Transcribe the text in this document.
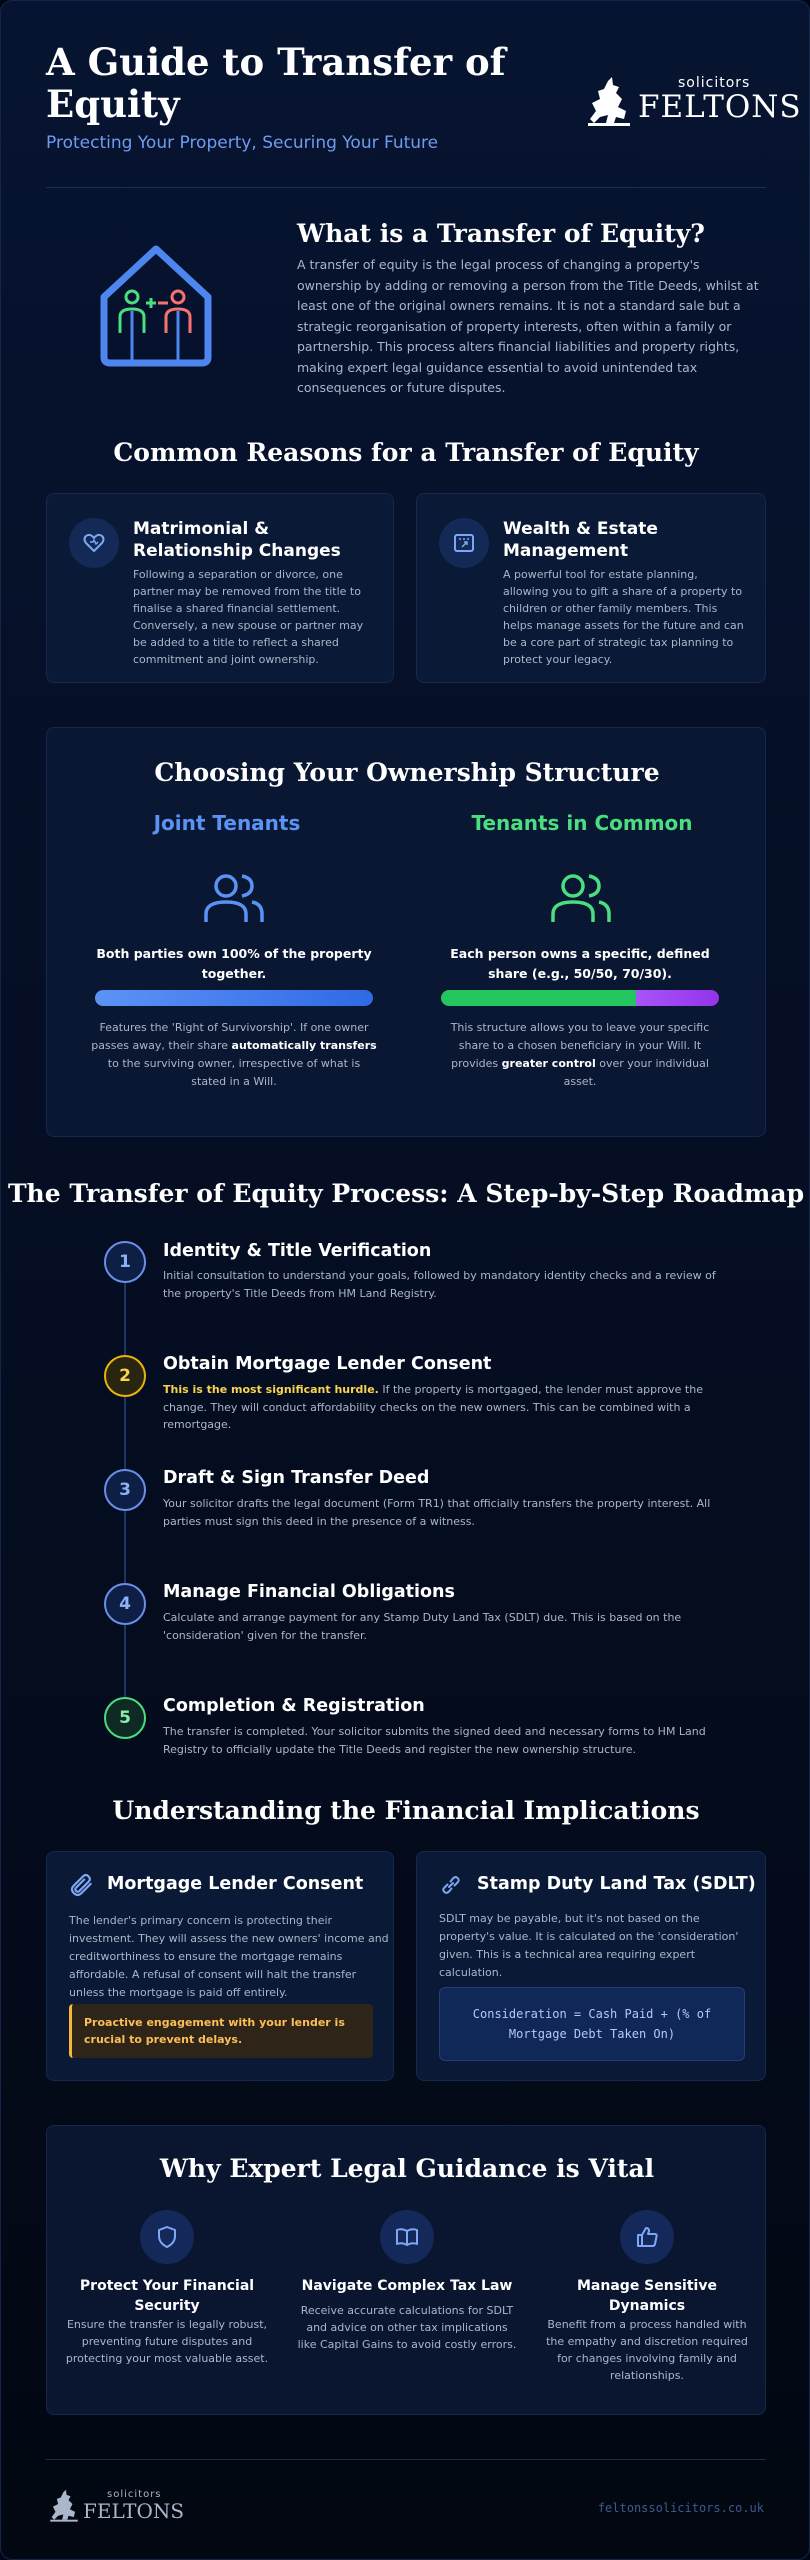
A Guide to Transfer of Equity
Protecting Your Property, Securing Your Future
solicitors
FELTONS
What is a Transfer of Equity?
A transfer of equity is the legal process of changing a property's ownership by adding or removing a person from the Title Deeds, whilst at least one of the original owners remains. It is not a standard sale but a strategic reorganisation of property interests, often within a family or partnership. This process alters financial liabilities and property rights, making expert legal guidance essential to avoid unintended tax consequences or future disputes.
Common Reasons for a Transfer of Equity
Matrimonial & Relationship Changes
Following a separation or divorce, one partner may be removed from the title to finalise a shared financial settlement. Conversely, a new spouse or partner may be added to a title to reflect a shared commitment and joint ownership.
Wealth & Estate Management
A powerful tool for estate planning, allowing you to gift a share of a property to children or other family members. This helps manage assets for the future and can be a core part of strategic tax planning to protect your legacy.
Choosing Your Ownership Structure
Joint Tenants
Both parties own 100% of the property together.
Features the 'Right of Survivorship'. If one owner passes away, their share automatically transfers to the surviving owner, irrespective of what is stated in a Will.
Tenants in Common
Each person owns a specific, defined share (e.g., 50/50, 70/30).
This structure allows you to leave your specific share to a chosen beneficiary in your Will. It provides greater control over your individual asset.
The Transfer of Equity Process: A Step-by-Step Roadmap
1
Identity & Title Verification
Initial consultation to understand your goals, followed by mandatory identity checks and a review of the property's Title Deeds from HM Land Registry.
2
Obtain Mortgage Lender Consent
This is the most significant hurdle. If the property is mortgaged, the lender must approve the change. They will conduct affordability checks on the new owners. This can be combined with a remortgage.
3
Draft & Sign Transfer Deed
Your solicitor drafts the legal document (Form TR1) that officially transfers the property interest. All parties must sign this deed in the presence of a witness.
4
Manage Financial Obligations
Calculate and arrange payment for any Stamp Duty Land Tax (SDLT) due. This is based on the 'consideration' given for the transfer.
5
Completion & Registration
The transfer is completed. Your solicitor submits the signed deed and necessary forms to HM Land Registry to officially update the Title Deeds and register the new ownership structure.
Understanding the Financial Implications
Mortgage Lender Consent
The lender's primary concern is protecting their investment. They will assess the new owners' income and creditworthiness to ensure the mortgage remains affordable. A refusal of consent will halt the transfer unless the mortgage is paid off entirely.
Proactive engagement with your lender is crucial to prevent delays.
Stamp Duty Land Tax (SDLT)
SDLT may be payable, but it's not based on the property's value. It is calculated on the 'consideration' given. This is a technical area requiring expert calculation.
Consideration = Cash Paid + (% of Mortgage Debt Taken On)
Why Expert Legal Guidance is Vital
Protect Your Financial Security
Ensure the transfer is legally robust, preventing future disputes and protecting your most valuable asset.
Navigate Complex Tax Law
Receive accurate calculations for SDLT and advice on other tax implications like Capital Gains to avoid costly errors.
Manage Sensitive Dynamics
Benefit from a process handled with the empathy and discretion required for changes involving family and relationships.
solicitors
FELTONS	feltonssolicitors.co.uk
